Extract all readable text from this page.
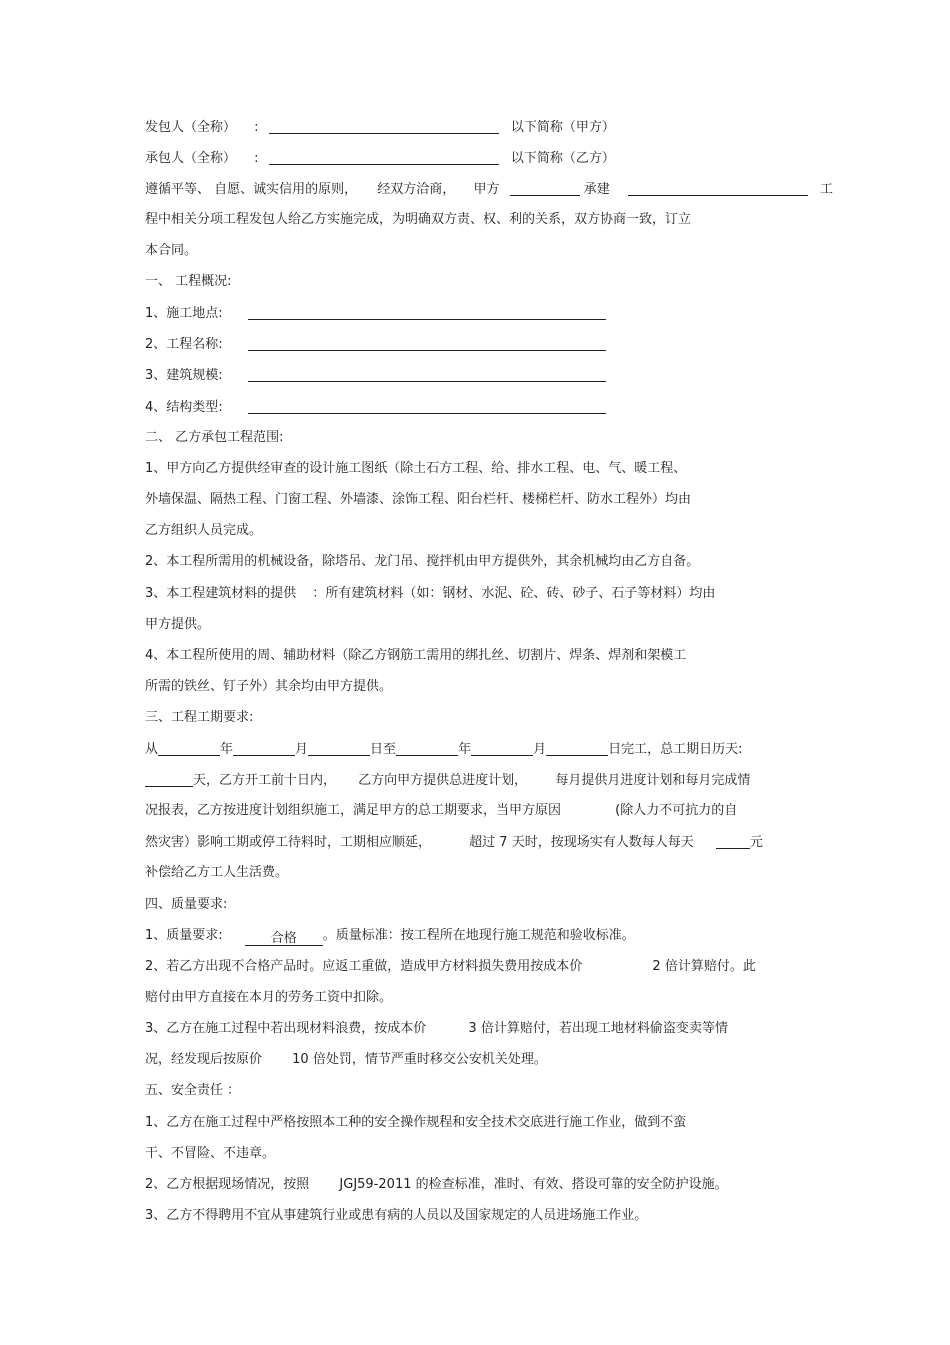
发包人（全称） :	以下简称（甲方）
承包人（全称） :	以下简称（乙方）
遵循平等、 自愿、诚实信用的原则， 经双方洽商， 甲方	承建	工
程中相关分项工程发包人给乙方实施完成，为明确双方责、权、利的关系，双方协商一致，订立
本合同。
一、 工程概况:
1、施工地点:
2、工程名称:
3、建筑规模:
4、结构类型:
二、 乙方承包工程范围:
1、甲方向乙方提供经审查的设计施工图纸（除土石方工程、给、排水工程、电、气、暖工程、
外墙保温、隔热工程、门窗工程、外墙漆、涂饰工程、阳台栏杆、楼梯栏杆、防水工程外）均由
乙方组织人员完成。
2、本工程所需用的机械设备，除塔吊、龙门吊、搅拌机由甲方提供外，其余机械均由乙方自备。
3、本工程建筑材料的提供 ：所有建筑材料（如：钢材、水泥、砼、砖、砂子、石子等材料）均由
甲方提供。
4、本工程所使用的周、辅助材料（除乙方钢筋工需用的绑扎丝、切割片、焊条、焊剂和架模工
所需的铁丝、钉子外）其余均由甲方提供。
三、工程工期要求:
从	年	月	日至	年	月	日完工，总工期日历天:
天，乙方开工前十日内， 乙方向甲方提供总进度计划， 每月提供月进度计划和每月完成情
况报表，乙方按进度计划组织施工，满足甲方的总工期要求，当甲方原因	(除人力不可抗力的自
然灾害）影响工期或停工待料时，工期相应顺延，	超过 7 天时，按现场实有人数每人每天	元
补偿给乙方工人生活费。
四、质量要求:
1、质量要求:	合格 。质量标准：按工程所在地现行施工规范和验收标准。
2、若乙方出现不合格产品时。应返工重做，造成甲方材料损失费用按成本价	2 倍计算赔付。此
赔付由甲方直接在本月的劳务工资中扣除。
3、乙方在施工过程中若出现材料浪费，按成本价	3 倍计算赔付，若出现工地材料偷盗变卖等情
况，经发现后按原价 10 倍处罚，情节严重时移交公安机关处理。
五、安全责任 ：
1、乙方在施工过程中严格按照本工种的安全操作规程和安全技术交底进行施工作业，做到不蛮
干、不冒险、不违章。
2、乙方根据现场情况，按照 JGJ59-2011 的检查标准，准时、有效、搭设可靠的安全防护设施。
3、乙方不得聘用不宜从事建筑行业或患有病的人员以及国家规定的人员进场施工作业。
